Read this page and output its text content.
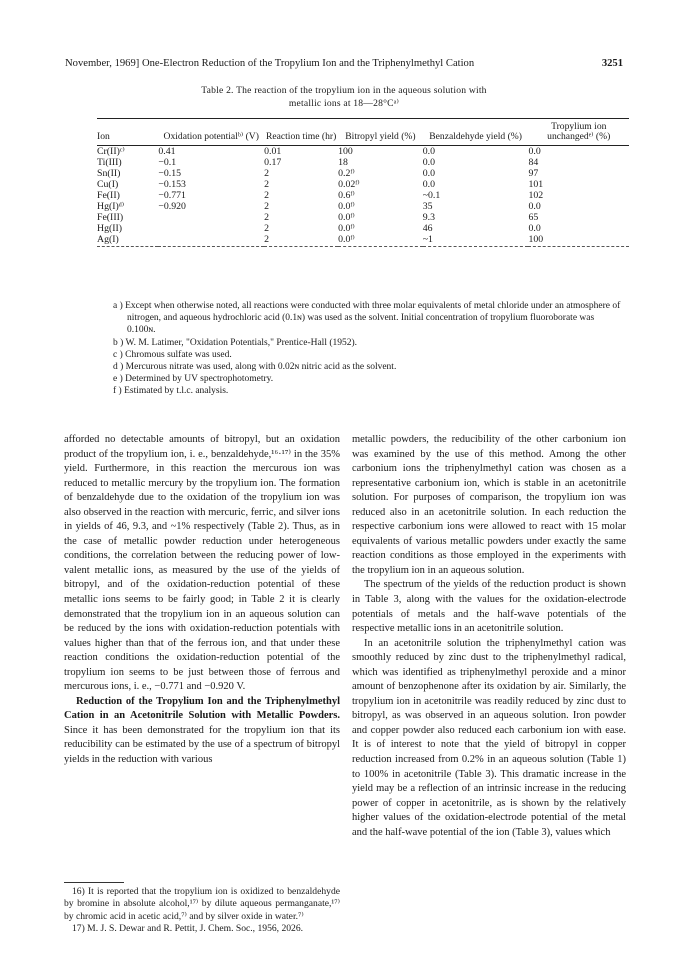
November, 1969] One-Electron Reduction of the Tropylium Ion and the Triphenylmethyl Cation	3251
Table 2. The reaction of the tropylium ion in the aqueous solution with
metallic ions at 18—28°Cᵃ⁾
Ion	Oxidation potentialᵇ⁾ (V)	Reaction time (hr)	Bitropyl yield (%)	Benzaldehyde yield (%)	Tropylium ion unchangedᵉ⁾ (%)
Cr(II)ᶜ⁾	0.41	0.01	100	0.0	0.0
Ti(III)	−0.1	0.17	18	0.0	84
Sn(II)	−0.15	2	0.2ᶠ⁾	0.0	97
Cu(I)	−0.153	2	0.02ᶠ⁾	0.0	101
Fe(II)	−0.771	2	0.6ᶠ⁾	~0.1	102
Hg(I)ᵈ⁾	−0.920	2	0.0ᶠ⁾	35	0.0
Fe(III)		2	0.0ᶠ⁾	9.3	65
Hg(II)		2	0.0ᶠ⁾	46	0.0
Ag(I)		2	0.0ᶠ⁾	~1	100

a ) Except when otherwise noted, all reactions were conducted with three molar equivalents of metal chloride under an atmosphere of nitrogen, and aqueous hydrochloric acid (0.1ɴ) was used as the solvent. Initial concentration of tropylium fluoroborate was 0.100ɴ.

b ) W. M. Latimer, "Oxidation Potentials," Prentice-Hall (1952).

c ) Chromous sulfate was used.

d ) Mercurous nitrate was used, along with 0.02ɴ nitric acid as the solvent.

e ) Determined by UV spectrophotometry.

f ) Estimated by t.l.c. analysis.

afforded no detectable amounts of bitropyl, but an oxidation product of the tropylium ion, i. e., benzaldehyde,¹⁶·¹⁷⁾ in the 35% yield. Furthermore, in this reaction the mercurous ion was reduced to metallic mercury by the tropylium ion. The formation of benzaldehyde due to the oxidation of the tropylium ion was also observed in the reaction with mercuric, ferric, and silver ions in yields of 46, 9.3, and ~1% respectively (Table 2). Thus, as in the case of metallic powder reduction under heterogeneous conditions, the correlation between the reducing power of low-valent metallic ions, as measured by the use of the yields of bitropyl, and of the oxidation-reduction potential of these metallic ions seems to be fairly good; in Table 2 it is clearly demonstrated that the tropylium ion in an aqueous solution can be reduced by the ions with oxidation-reduction potentials with values higher than that of the ferrous ion, and that under these reaction conditions the oxidation-reduction potential of the tropylium ion seems to be just between those of ferrous and mercurous ions, i. e., −0.771 and −0.920 V.

Reduction of the Tropylium Ion and the Triphenylmethyl Cation in an Acetonitrile Solution with Metallic Powders. Since it has been demonstrated for the tropylium ion that its reducibility can be estimated by the use of a spectrum of bitropyl yields in the reduction with various

16) It is reported that the tropylium ion is oxidized to benzaldehyde by bromine in absolute alcohol,¹⁷⁾ by dilute aqueous permanganate,¹⁷⁾ by chromic acid in acetic acid,⁷⁾ and by silver oxide in water.⁷⁾

17) M. J. S. Dewar and R. Pettit, J. Chem. Soc., 1956, 2026.

metallic powders, the reducibility of the other carbonium ion was examined by the use of this method. Among the other carbonium ions the triphenylmethyl cation was chosen as a representative carbonium ion, which is stable in an acetonitrile solution. For purposes of comparison, the tropylium ion was reduced also in an acetonitrile solution. In each reduction the respective carbonium ions were allowed to react with 15 molar equivalents of various metallic powders under exactly the same reaction conditions as those employed in the experiments with the tropylium ion in an aqueous solution.

The spectrum of the yields of the reduction product is shown in Table 3, along with the values for the oxidation-electrode potentials of metals and the half-wave potentials of the respective metallic ions in an acetonitrile solution.

In an acetonitrile solution the triphenylmethyl cation was smoothly reduced by zinc dust to the triphenylmethyl radical, which was identified as triphenylmethyl peroxide and a minor amount of benzophenone after its oxidation by air. Similarly, the tropylium ion in acetonitrile was readily reduced by zinc dust to bitropyl, as was observed in an aqueous solution. Iron powder and copper powder also reduced each carbonium ion with ease. It is of interest to note that the yield of bitropyl in copper reduction increased from 0.2% in an aqueous solution (Table 1) to 100% in acetonitrile (Table 3). This dramatic increase in the yield may be a reflection of an intrinsic increase in the reducing power of copper in acetonitrile, as is shown by the relatively higher values of the oxidation-electrode potential of the metal and the half-wave potential of the ion (Table 3), values which
